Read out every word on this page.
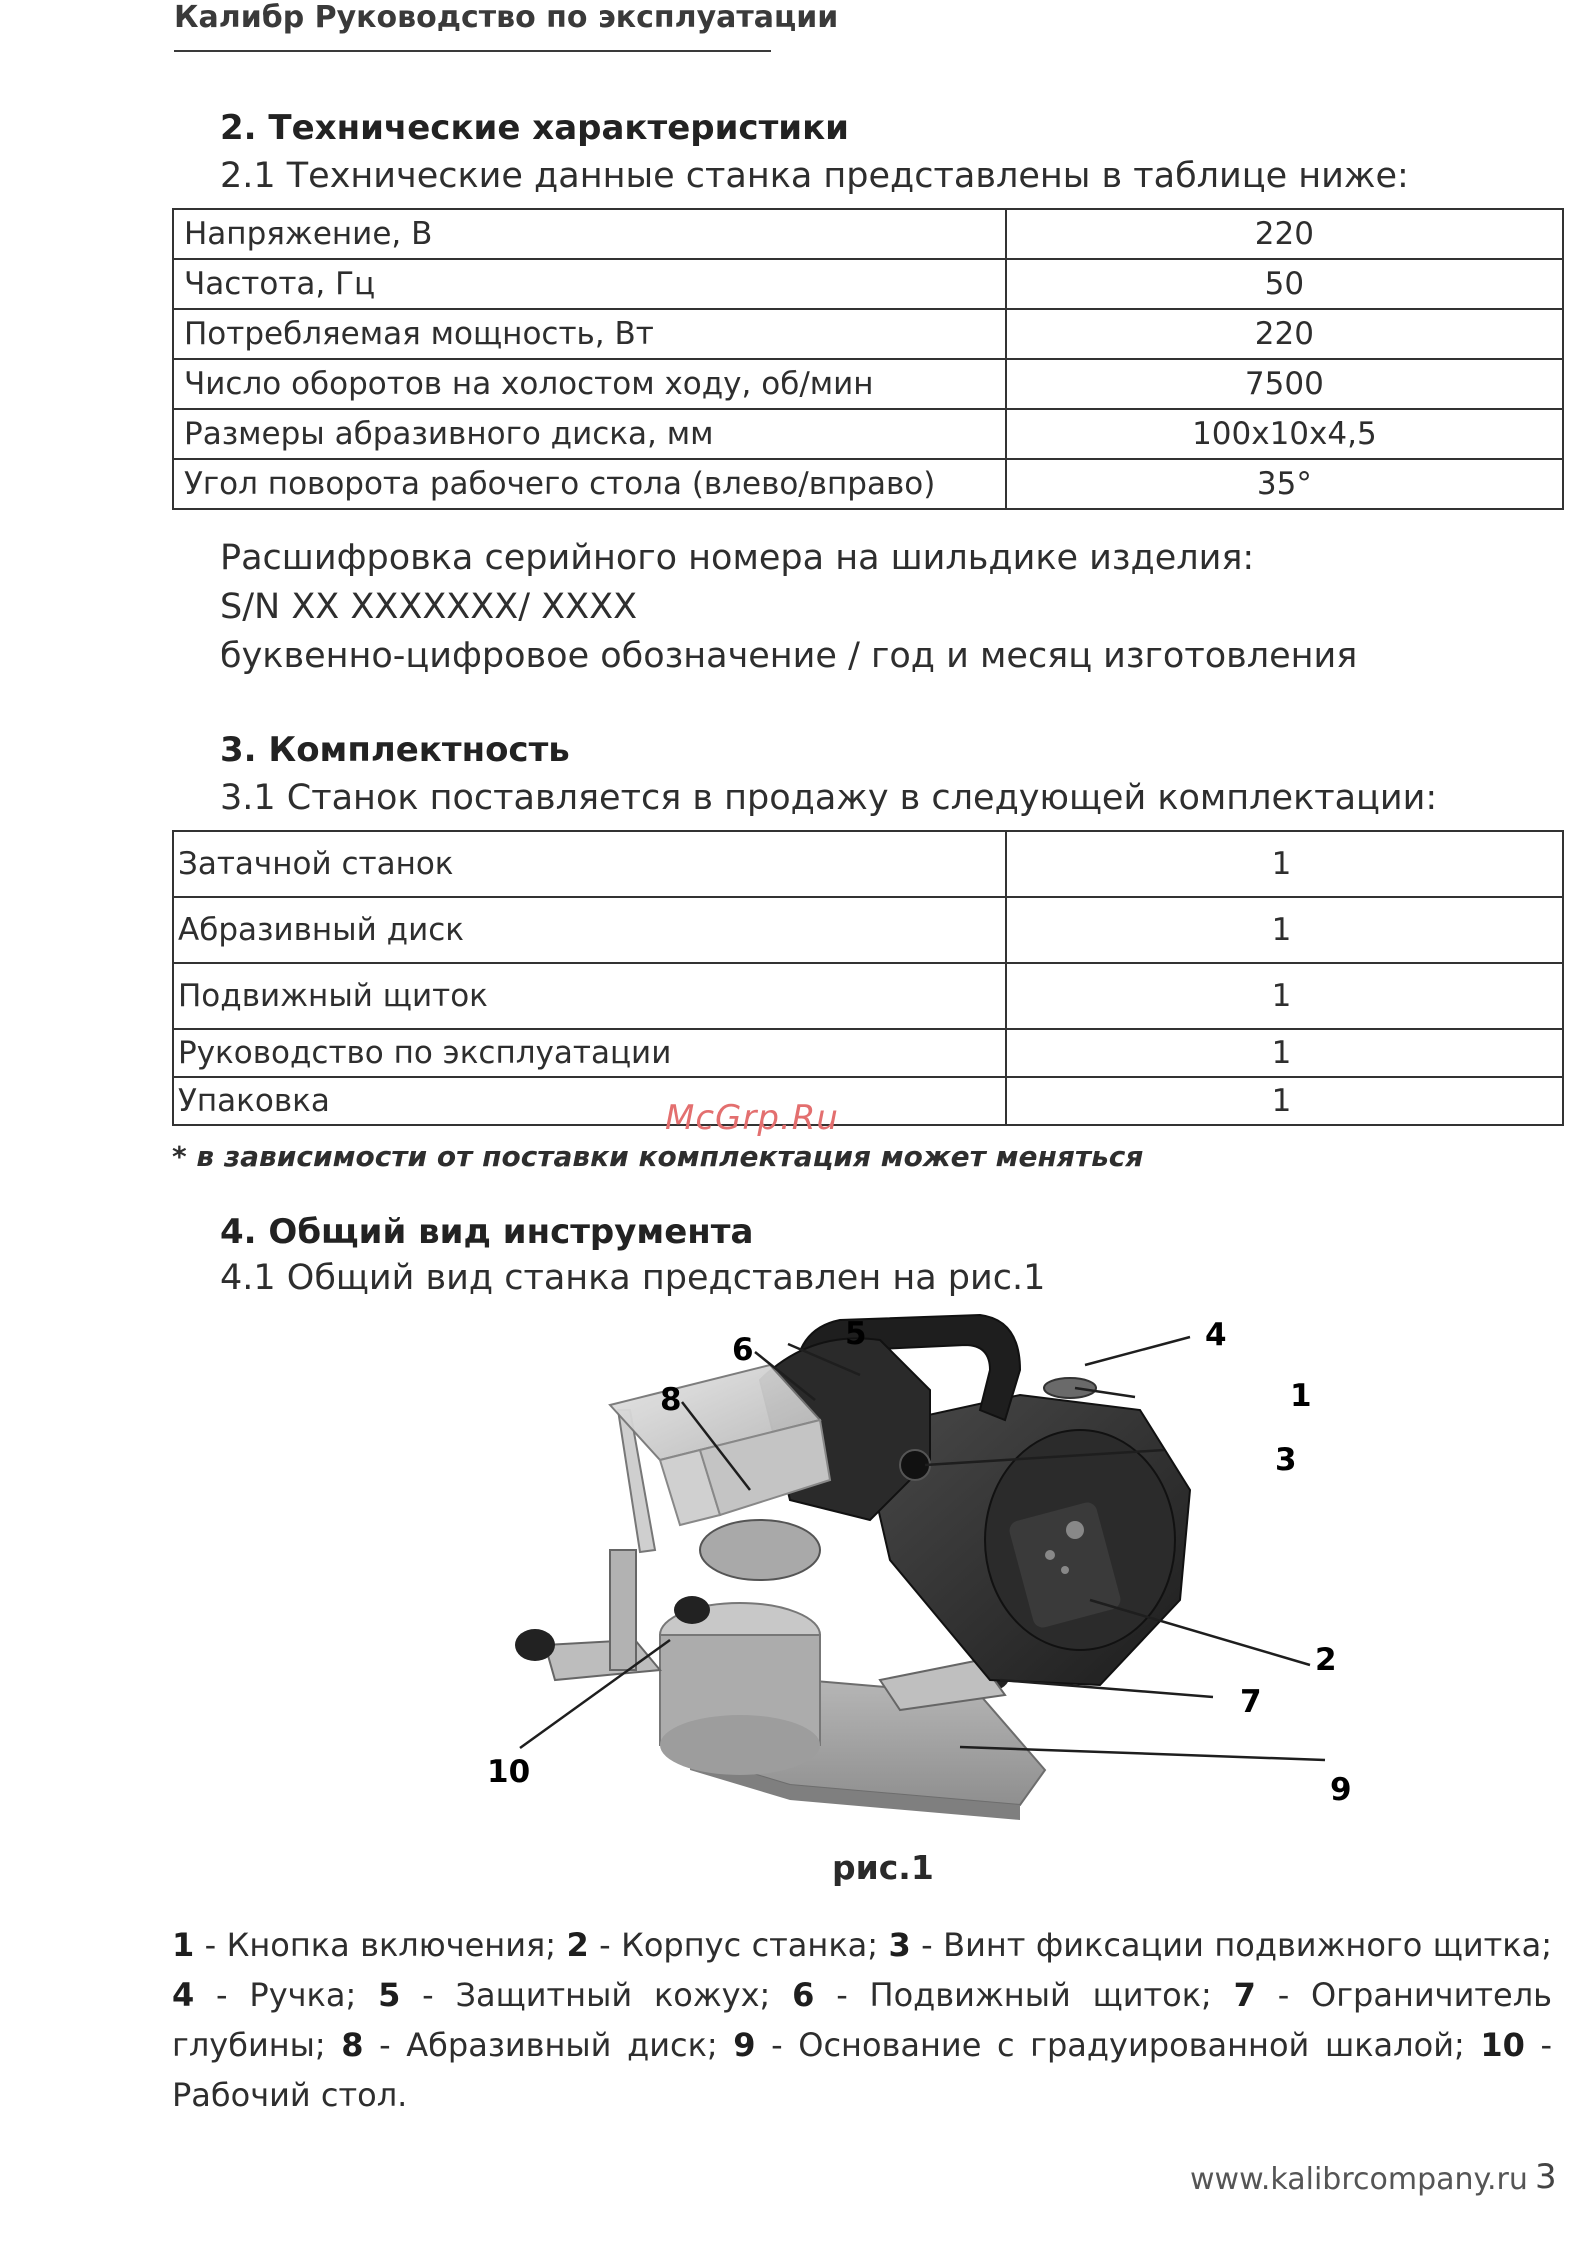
Калибр Руководство по эксплуатации
2. Технические характеристики
2.1 Технические данные станка представлены в таблице ниже:
Напряжение, В	220
Частота, Гц	50
Потребляемая мощность, Вт	220
Число оборотов на холостом ходу, об/мин	7500
Размеры абразивного диска, мм	100х10х4,5
Угол поворота рабочего стола (влево/вправо)	35°
Расшифровка серийного номера на шильдике изделия:
S/N XX XXXXXXX/ XXXX
буквенно-цифровое обозначение / год и месяц изготовления
3. Комплектность
3.1 Станок поставляется в продажу в следующей комплектации:
Затачной станок	1
Абразивный диск	1
Подвижный щиток	1
Руководство по эксплуатации	1
Упаковка	1
McGrp.Ru
* в зависимости от поставки комплектация может меняться
4. Общий вид инструмента
4.1 Общий вид станка представлен на рис.1
5
6	4
1
8
3
2
7
9
10
рис.1
1 - Кнопка включения; 2 - Корпус станка; 3 - Винт фиксации подвижного щитка; 4 - Ручка; 5 - Защитный кожух; 6 - Подвижный щиток; 7 - Ограничитель глубины; 8 - Абразивный диск; 9 - Основание с градуированной шкалой; 10 - Рабочий стол.
www.kalibrcompany.ru 3
